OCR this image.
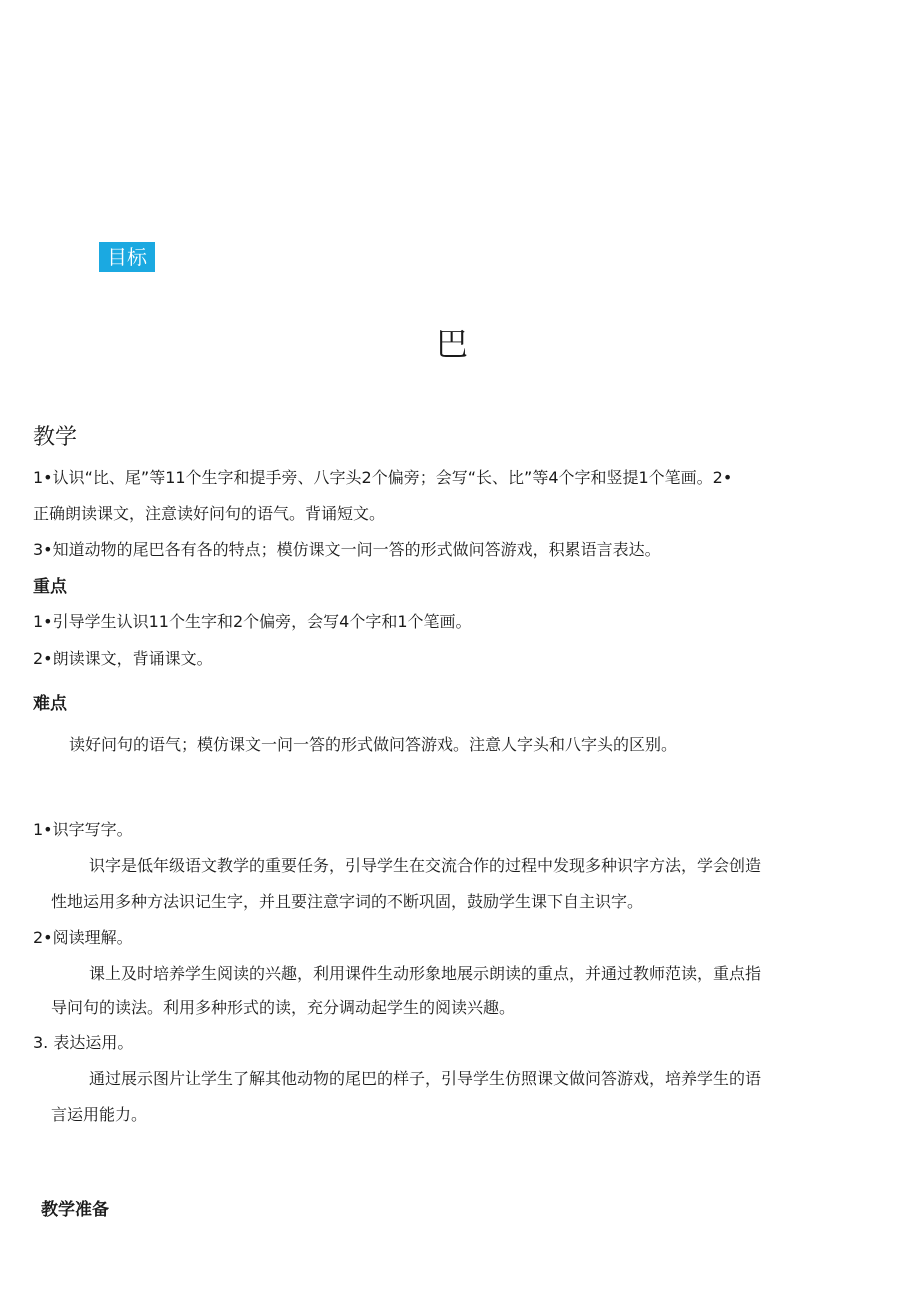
目标
巴
教学
1•认识“比、尾”等11个生字和提手旁、八字头2个偏旁；会写“长、比”等4个字和竖提1个笔画。2•
正确朗读课文，注意读好问句的语气。背诵短文。
3•知道动物的尾巴各有各的特点；模仿课文一问一答的形式做问答游戏，积累语言表达。
重点
1•引导学生认识11个生字和2个偏旁，会写4个字和1个笔画。
2•朗读课文，背诵课文。
难点
读好问句的语气；模仿课文一问一答的形式做问答游戏。注意人字头和八字头的区别。
1•识字写字。
识字是低年级语文教学的重要任务，引导学生在交流合作的过程中发现多种识字方法，学会创造
性地运用多种方法识记生字，并且要注意字词的不断巩固，鼓励学生课下自主识字。
2•阅读理解。
课上及时培养学生阅读的兴趣，利用课件生动形象地展示朗读的重点，并通过教师范读，重点指
导问句的读法。利用多种形式的读，充分调动起学生的阅读兴趣。
3. 表达运用。
通过展示图片让学生了解其他动物的尾巴的样子，引导学生仿照课文做问答游戏，培养学生的语
言运用能力。
教学准备
